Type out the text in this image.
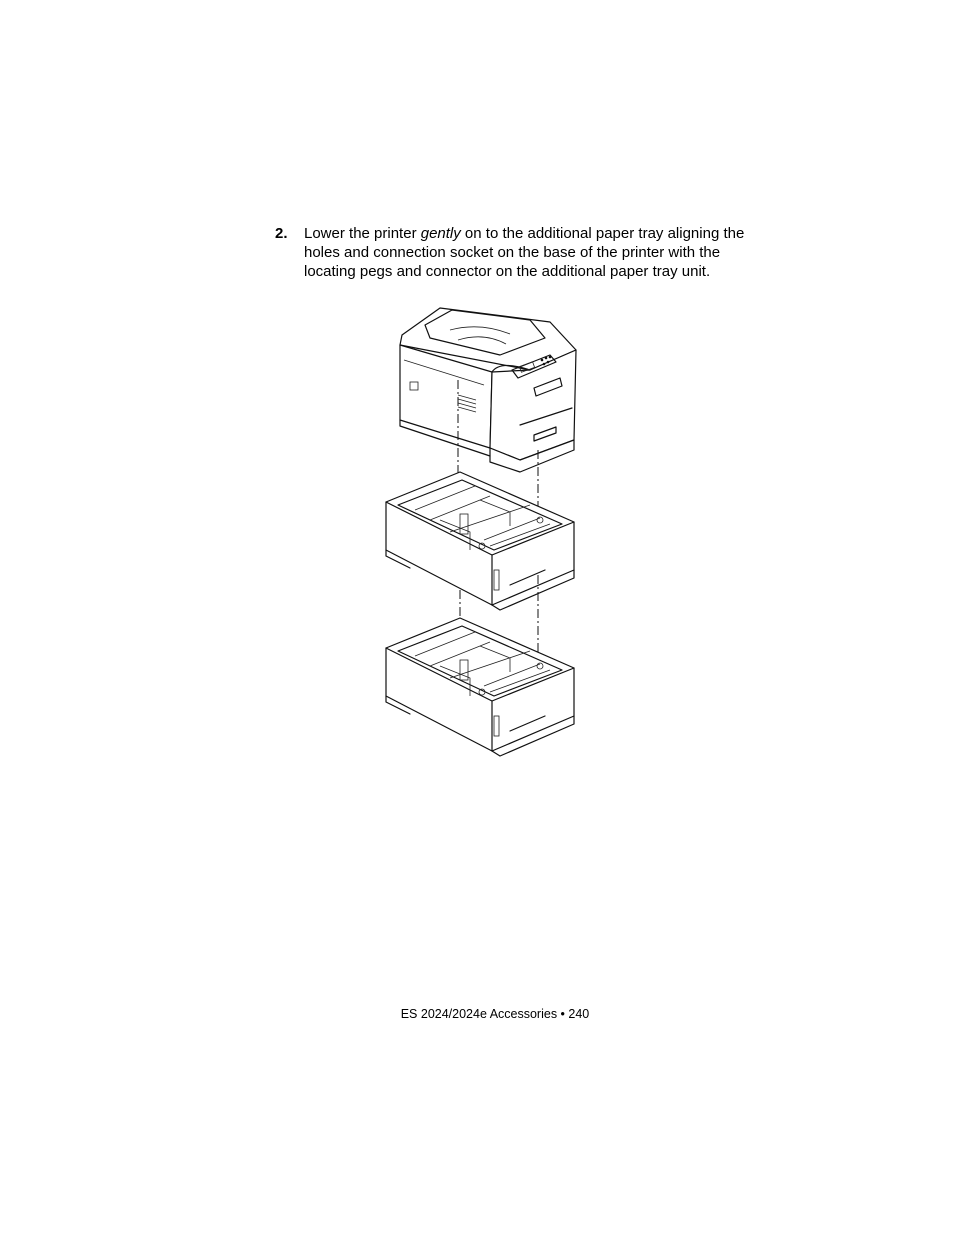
2. Lower the printer gently on to the additional paper tray aligning the holes and connection socket on the base of the printer with the locating pegs and connector on the additional paper tray unit.
ES 2024/2024e Accessories • 240
